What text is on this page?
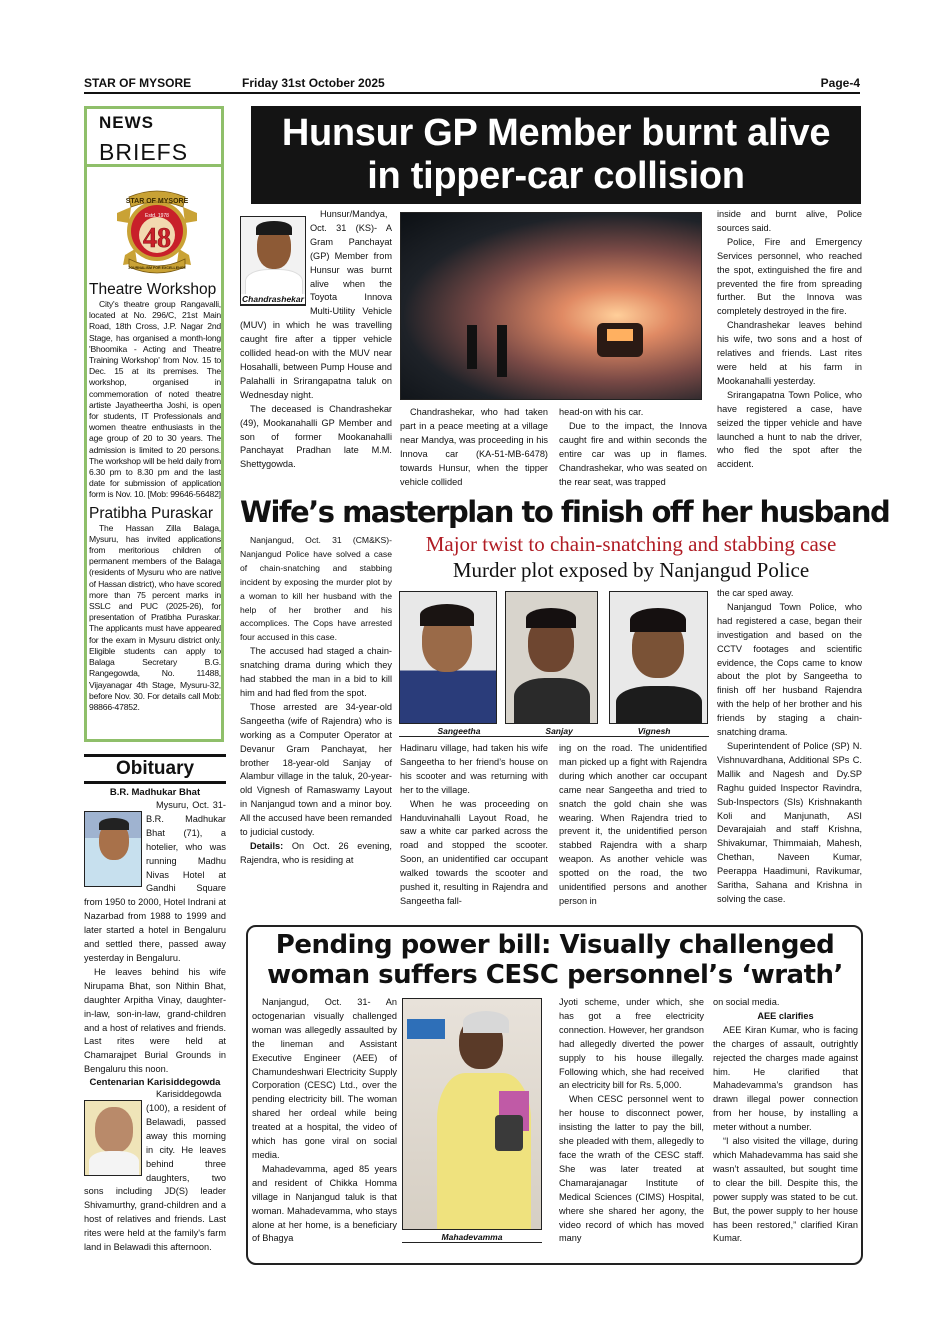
STAR OF MYSORE	Friday 31st October 2025	Page-4
NEWS
BRIEFS
STAR OF MYSORE
Estd. 1978
48
JOURNALISM FOR EXCELLENCE
Theatre Workshop

City's theatre group Rangavalli, located at No. 296/C, 21st Main Road, 18th Cross, J.P. Nagar 2nd Stage, has organised a month-long 'Bhoomika - Acting and Theatre Training Workshop' from Nov. 15 to Dec. 15 at its premises. The workshop, organised in commemoration of noted theatre artiste Jayatheertha Joshi, is open for students, IT Professionals and women theatre enthusiasts in the age group of 20 to 30 years. The admission is limited to 20 persons. The workshop will be held daily from 6.30 pm to 8.30 pm and the last date for submission of application form is Nov. 10. [Mob: 99646-56482]

Pratibha Puraskar

The Hassan Zilla Balaga, Mysuru, has invited applications from meritorious children of permanent members of the Balaga (residents of Mysuru who are native of Hassan district), who have scored more than 75 percent marks in SSLC and PUC (2025-26), for presentation of Pratibha Puraskar. The applicants must have appeared for the exam in Mysuru district only. Eligible students can apply to Balaga Secretary B.G. Rangegowda, No. 11488, Vijayanagar 4th Stage, Mysuru-32, before Nov. 30. For details call Mob: 98866-47852.

Obituary
B.R. Madhukar Bhat

Mysuru, Oct. 31- B.R. Madhukar Bhat (71), a hotelier, who was running Madhu Nivas Hotel at Gandhi Square from 1950 to 2000, Hotel Indrani at Nazarbad from 1988 to 1999 and later started a hotel in Bengaluru and settled there, passed away yesterday in Bengaluru.

He leaves behind his wife Nirupama Bhat, son Nithin Bhat, daughter Arpitha Vinay, daughter-in-law, son-in-law, grand-children and a host of relatives and friends. Last rites were held at Chamarajpet Burial Grounds in Bengaluru this noon.

Centenarian Karisiddegowda

Karisiddegowda (100), a resident of Belawadi, passed away this morning in city. He leaves behind three daughters, two sons including JD(S) leader Shivamurthy, grand-children and a host of relatives and friends. Last rites were held at the family's farm land in Belawadi this afternoon.

Hunsur GP Member burnt alive
in tipper-car collision
Chandrashekar

Hunsur/Mandya, Oct. 31 (KS)- A Gram Panchayat (GP) Member from Hunsur was burnt alive when the Toyota Innova Multi-Utility Vehicle (MUV) in which he was travelling caught fire after a tipper vehicle collided head-on with the MUV near Hosahalli, between Pump House and Palahalli in Srirangapatna taluk on Wednesday night.

The deceased is Chandrashekar (49), Mookanahalli GP Member and son of former Mookanahalli Panchayat Pradhan late M.M. Shettygowda.

Chandrashekar, who had taken part in a peace meeting at a village near Mandya, was proceeding in his Innova car (KA-51-MB-6478) towards Hunsur, when the tipper vehicle collided

head-on with his car.

Due to the impact, the Innova caught fire and within seconds the entire car was up in flames. Chandrashekar, who was seated on the rear seat, was trapped

inside and burnt alive, Police sources said.

Police, Fire and Emergency Services personnel, who reached the spot, extinguished the fire and prevented the fire from spreading further. But the Innova was completely destroyed in the fire.

Chandrashekar leaves behind his wife, two sons and a host of relatives and friends. Last rites were held at his farm in Mookanahalli yesterday.

Srirangapatna Town Police, who have registered a case, have seized the tipper vehicle and have launched a hunt to nab the driver, who fled the spot after the accident.

Wife’s masterplan to finish off her husband
Major twist to chain-snatching and stabbing case
Murder plot exposed by Nanjangud Police

Nanjangud, Oct. 31 (CM&KS)- Nanjangud Police have solved a case of chain-snatching and stabbing incident by exposing the murder plot by a woman to kill her husband with the help of her brother and his accomplices. The Cops have arrested four accused in this case.

The accused had staged a chain-snatching drama during which they had stabbed the man in a bid to kill him and had fled from the spot.

Those arrested are 34-year-old Sangeetha (wife of Rajendra) who is working as a Computer Operator at Devanur Gram Panchayat, her brother 18-year-old Sanjay of Alambur village in the taluk, 20-year-old Vignesh of Ramaswamy Layout in Nanjangud town and a minor boy. All the accused have been remanded to judicial custody.

Details: On Oct. 26 evening, Rajendra, who is residing at

Sangeetha	Sanjay	Vignesh

Hadinaru village, had taken his wife Sangeetha to her friend’s house on his scooter and was returning with her to the village.

When he was proceeding on Handuvinahalli Layout Road, he saw a white car parked across the road and stopped the scooter. Soon, an unidentified car occupant walked towards the scooter and pushed it, resulting in Rajendra and Sangeetha fall-

ing on the road. The unidentified man picked up a fight with Rajendra during which another car occupant came near Sangeetha and tried to snatch the gold chain she was wearing. When Rajendra tried to prevent it, the unidentified person stabbed Rajendra with a sharp weapon. As another vehicle was spotted on the road, the two unidentified persons and another person in

the car sped away.

Nanjangud Town Police, who had registered a case, began their investigation and based on the CCTV footages and scientific evidence, the Cops came to know about the plot by Sangeetha to finish off her husband Rajendra with the help of her brother and his friends by staging a chain-snatching drama.

Superintendent of Police (SP) N. Vishnuvardhana, Additional SPs C. Mallik and Nagesh and Dy.SP Raghu guided Inspector Ravindra, Sub-Inspectors (SIs) Krishnakanth Koli and Manjunath, ASI Devarajaiah and staff Krishna, Shivakumar, Thimmaiah, Mahesh, Chethan, Naveen Kumar, Peerappa Haadimuni, Ravikumar, Saritha, Sahana and Krishna in solving the case.

Pending power bill: Visually challenged
woman suffers CESC personnel’s ‘wrath’

Nanjangud, Oct. 31- An octogenarian visually challenged woman was allegedly assaulted by the lineman and Assistant Executive Engineer (AEE) of Chamundeshwari Electricity Supply Corporation (CESC) Ltd., over the pending electricity bill. The woman shared her ordeal while being treated at a hospital, the video of which has gone viral on social media.

Mahadevamma, aged 85 years and resident of Chikka Homma village in Nanjangud taluk is that woman. Mahadevamma, who stays alone at her home, is a beneficiary of Bhagya	Mahadevamma

Jyoti scheme, under which, she has got a free electricity connection. However, her grandson had allegedly diverted the power supply to his house illegally. Following which, she had received an electricity bill for Rs. 5,000.

When CESC personnel went to her house to disconnect power, insisting the latter to pay the bill, she pleaded with them, allegedly to face the wrath of the CESC staff. She was later treated at Chamarajanagar Institute of Medical Sciences (CIMS) Hospital, where she shared her agony, the video record of which has moved many

on social media.

AEE clarifies

AEE Kiran Kumar, who is facing the charges of assault, outrightly rejected the charges made against him. He clarified that Mahadevamma’s grandson has drawn illegal power connection from her house, by installing a meter without a number.

“I also visited the village, during which Mahadevamma has said she wasn’t assaulted, but sought time to clear the bill. Despite this, the power supply was stated to be cut. But, the power supply to her house has been restored,” clarified Kiran Kumar.
